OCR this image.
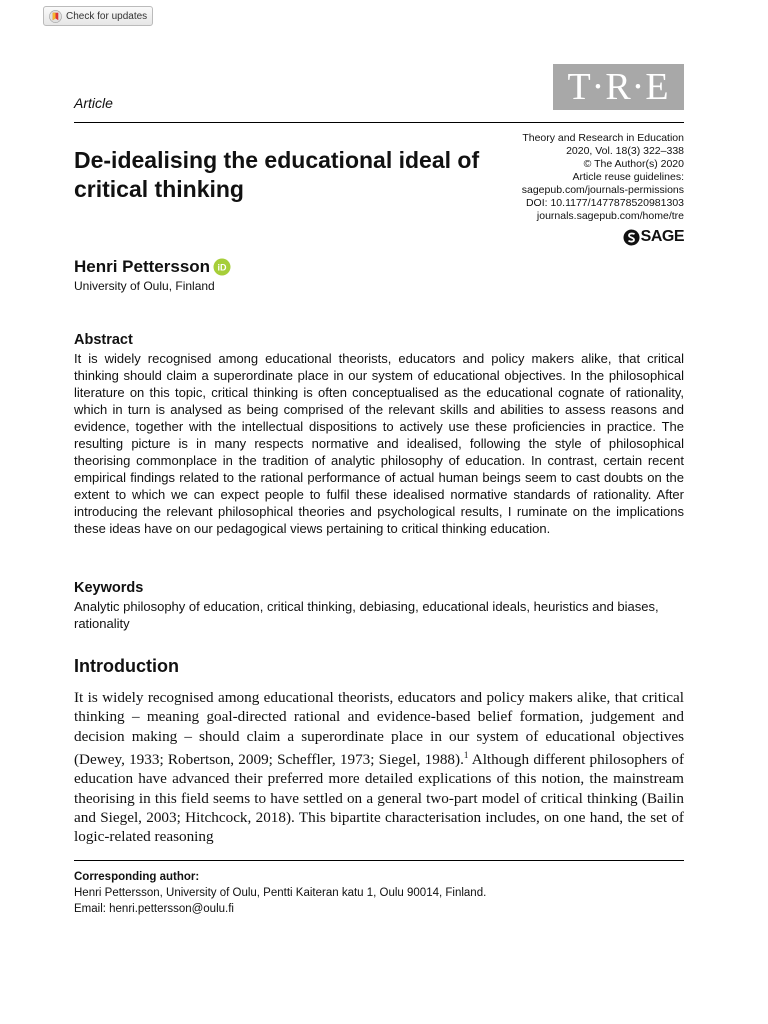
Check for updates
Article	T·R·E
Theory and Research in Education
2020, Vol. 18(3) 322–338
© The Author(s) 2020
Article reuse guidelines:
sagepub.com/journals-permissions
DOI: 10.1177/1477878520981303
journals.sagepub.com/home/tre
SAGE
De-idealising the educational ideal of critical thinking
Henri Pettersson iD
University of Oulu, Finland
Abstract
It is widely recognised among educational theorists, educators and policy makers alike, that critical thinking should claim a superordinate place in our system of educational objectives. In the philosophical literature on this topic, critical thinking is often conceptualised as the educational cognate of rationality, which in turn is analysed as being comprised of the relevant skills and abilities to assess reasons and evidence, together with the intellectual dispositions to actively use these proficiencies in practice. The resulting picture is in many respects normative and idealised, following the style of philosophical theorising commonplace in the tradition of analytic philosophy of education. In contrast, certain recent empirical findings related to the rational performance of actual human beings seem to cast doubts on the extent to which we can expect people to fulfil these idealised normative standards of rationality. After introducing the relevant philosophical theories and psychological results, I ruminate on the implications these ideas have on our pedagogical views pertaining to critical thinking education.
Keywords
Analytic philosophy of education, critical thinking, debiasing, educational ideals, heuristics and biases, rationality
Introduction
It is widely recognised among educational theorists, educators and policy makers alike, that critical thinking – meaning goal-directed rational and evidence-based belief formation, judgement and decision making – should claim a superordinate place in our system of educational objectives (Dewey, 1933; Robertson, 2009; Scheffler, 1973; Siegel, 1988).$^1$ Although different philosophers of education have advanced their preferred more detailed explications of this notion, the mainstream theorising in this field seems to have settled on a general two-part model of critical thinking (Bailin and Siegel, 2003; Hitchcock, 2018). This bipartite characterisation includes, on one hand, the set of logic-related reasoning
Corresponding author:
Henri Pettersson, University of Oulu, Pentti Kaiteran katu 1, Oulu 90014, Finland.
Email: henri.pettersson@oulu.fi
